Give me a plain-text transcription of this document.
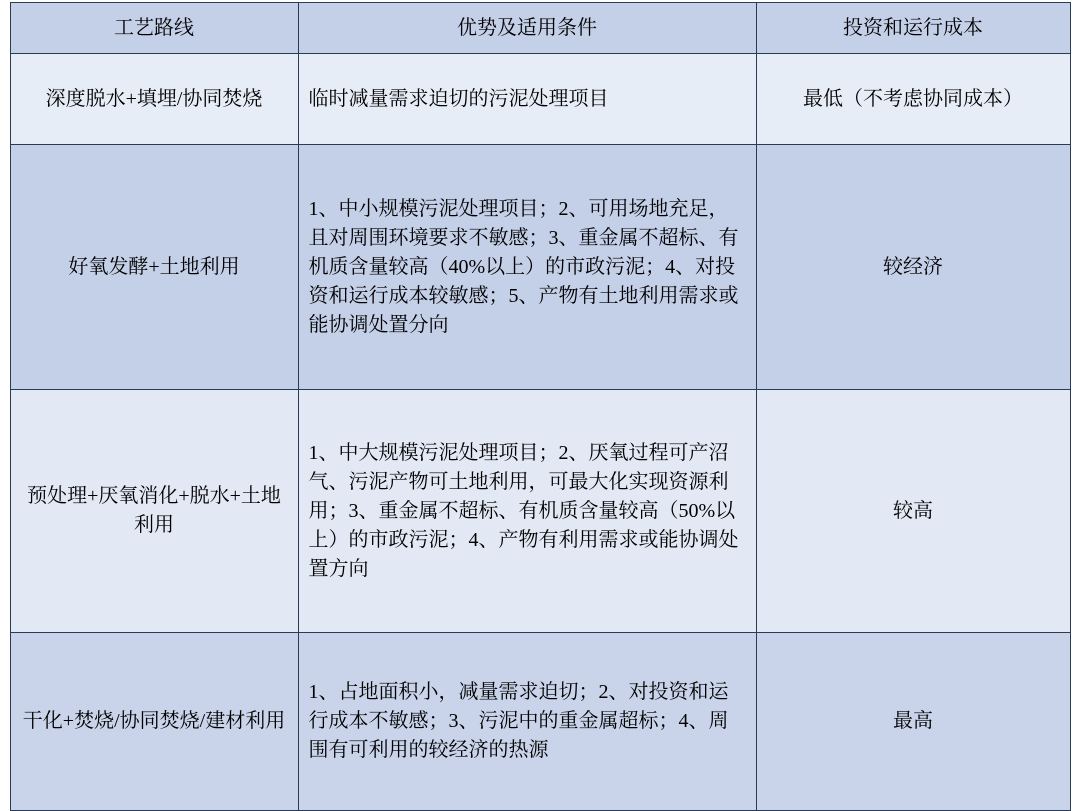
工艺路线	优势及适用条件	投资和运行成本
深度脱水+填埋/协同焚烧	临时减量需求迫切的污泥处理项目	最低（不考虑协同成本）
好氧发酵+土地利用	1、中小规模污泥处理项目；2、可用场地充足，且对周围环境要求不敏感；3、重金属不超标、有机质含量较高（40%以上）的市政污泥；4、对投资和运行成本较敏感；5、产物有土地利用需求或能协调处置分向	较经济
预处理+厌氧消化+脱水+土地利用	1、中大规模污泥处理项目；2、厌氧过程可产沼气、污泥产物可土地利用，可最大化实现资源利用；3、重金属不超标、有机质含量较高（50%以上）的市政污泥；4、产物有利用需求或能协调处置方向	较高
干化+焚烧/协同焚烧/建材利用	1、占地面积小，减量需求迫切；2、对投资和运行成本不敏感；3、污泥中的重金属超标；4、周围有可利用的较经济的热源	最高
